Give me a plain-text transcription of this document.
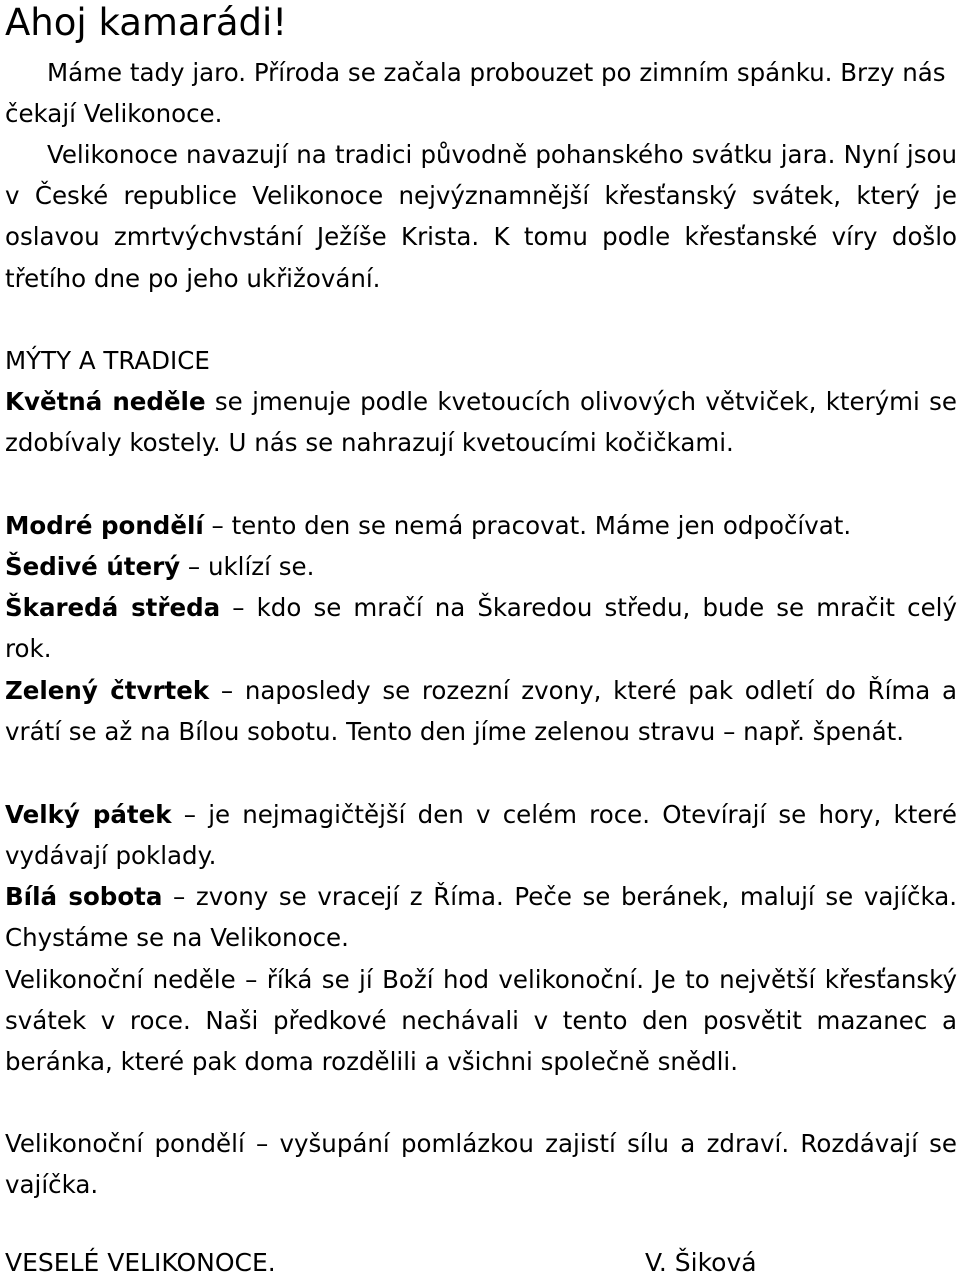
Ahoj kamarádi!

Máme tady jaro. Příroda se začala probouzet po zimním spánku. Brzy nás čekají Velikonoce.

Velikonoce navazují na tradici původně pohanského svátku jara. Nyní jsou v České republice Velikonoce nejvýznamnější křesťanský svátek, který je oslavou zmrtvýchvstání Ježíše Krista. K tomu podle křesťanské víry došlo třetího dne po jeho ukřižování.

MÝTY A TRADICE

Květná neděle se jmenuje podle kvetoucích olivových větviček, kterými se zdobívaly kostely. U nás se nahrazují kvetoucími kočičkami.

Modré pondělí – tento den se nemá pracovat. Máme jen odpočívat.

Šedivé úterý – uklízí se.

Škaredá středa – kdo se mračí na Škaredou středu, bude se mračit celý rok.

Zelený čtvrtek – naposledy se rozezní zvony, které pak odletí do Říma a vrátí se až na Bílou sobotu. Tento den jíme zelenou stravu – např. špenát.

Velký pátek – je nejmagičtější den v celém roce. Otevírají se hory, které vydávají poklady.

Bílá sobota – zvony se vracejí z Říma. Peče se beránek, malují se vajíčka. Chystáme se na Velikonoce.

Velikonoční neděle – říká se jí Boží hod velikonoční. Je to největší křesťanský svátek v roce. Naši předkové nechávali v tento den posvětit mazanec a beránka, které pak doma rozdělili a všichni společně snědli.

Velikonoční pondělí – vyšupání pomlázkou zajistí sílu a zdraví. Rozdávají se vajíčka.

VESELÉ VELIKONOCE.	V. Šiková
